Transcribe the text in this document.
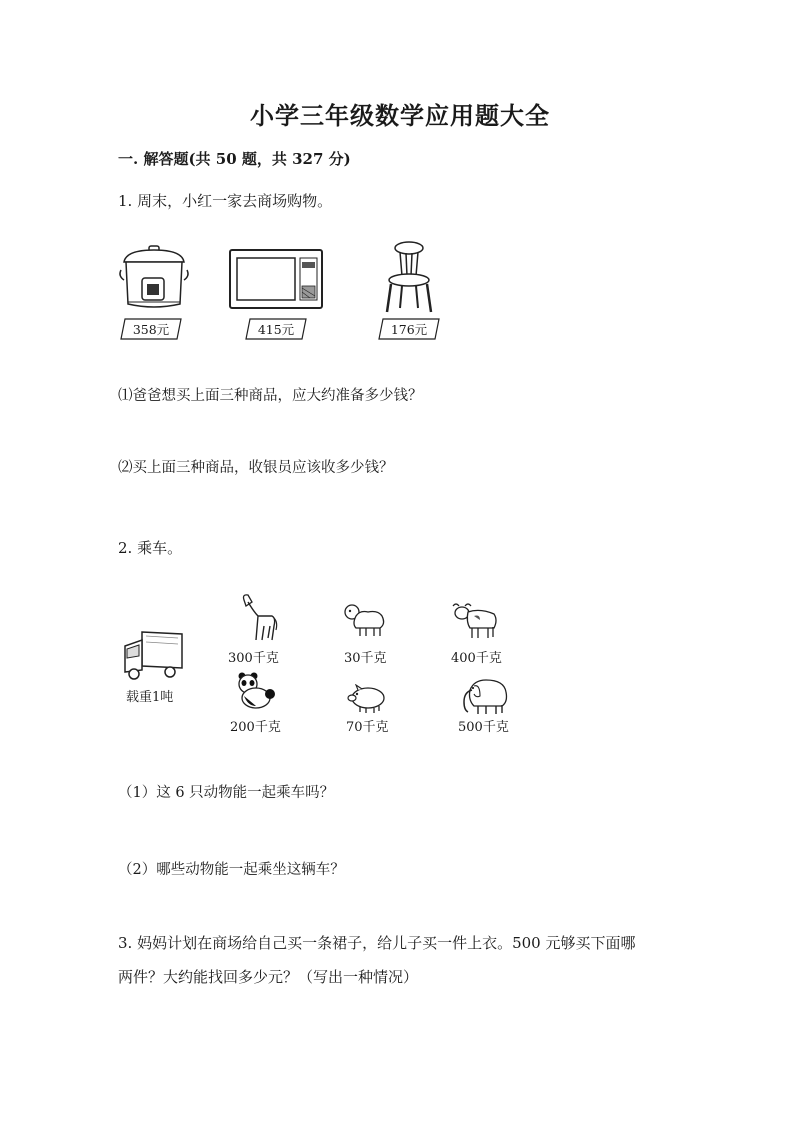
小学三年级数学应用题大全
一. 解答题(共 50 题，共 327 分)
1. 周末，小红一家去商场购物。
358元	415元	176元
⑴爸爸想买上面三种商品，应大约准备多少钱？
⑵买上面三种商品，收银员应该收多少钱？
2. 乘车。
载重1吨
300千克	30千克	400千克
200千克	70千克	500千克
（1）这 6 只动物能一起乘车吗？
（2）哪些动物能一起乘坐这辆车？
3. 妈妈计划在商场给自己买一条裙子，给儿子买一件上衣。500 元够买下面哪
两件？大约能找回多少元？（写出一种情况）
